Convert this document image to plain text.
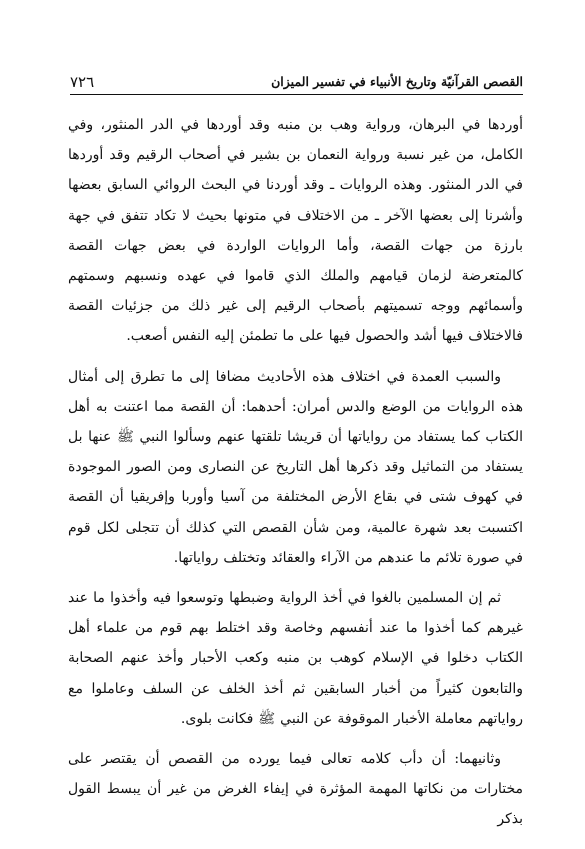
القصص القرآنيّة وتاريخ الأنبياء في تفسير الميزان
٧٢٦

أوردها في البرهان، ورواية وهب بن منبه وقد أوردها في الدر المنثور، وفي الكامل، من غير نسبة ورواية النعمان بن بشير في أصحاب الرقيم وقد أوردها في الدر المنثور. وهذه الروايات ـ وقد أوردنا في البحث الروائي السابق بعضها وأشرنا إلى بعضها الآخر ـ من الاختلاف في متونها بحيث لا تكاد تتفق في جهة بارزة من جهات القصة، وأما الروايات الواردة في بعض جهات القصة كالمتعرضة لزمان قيامهم والملك الذي قاموا في عهده ونسبهم وسمتهم وأسمائهم ووجه تسميتهم بأصحاب الرقيم إلى غير ذلك من جزئيات القصة فالاختلاف فيها أشد والحصول فيها على ما تطمئن إليه النفس أصعب.

والسبب العمدة في اختلاف هذه الأحاديث مضافا إلى ما تطرق إلى أمثال هذه الروايات من الوضع والدس أمران: أحدهما: أن القصة مما اعتنت به أهل الكتاب كما يستفاد من رواياتها أن قريشا تلقتها عنهم وسألوا النبي ﷺ عنها بل يستفاد من التماثيل وقد ذكرها أهل التاريخ عن النصارى ومن الصور الموجودة في كهوف شتى في بقاع الأرض المختلفة من آسيا وأوربا وإفريقيا أن القصة اكتسبت بعد شهرة عالمية، ومن شأن القصص التي كذلك أن تتجلى لكل قوم في صورة تلائم ما عندهم من الآراء والعقائد وتختلف رواياتها.

ثم إن المسلمين بالغوا في أخذ الرواية وضبطها وتوسعوا فيه وأخذوا ما عند غيرهم كما أخذوا ما عند أنفسهم وخاصة وقد اختلط بهم قوم من علماء أهل الكتاب دخلوا في الإسلام كوهب بن منبه وكعب الأحبار وأخذ عنهم الصحابة والتابعون كثيراً من أخبار السابقين ثم أخذ الخلف عن السلف وعاملوا مع رواياتهم معاملة الأخبار الموقوفة عن النبي ﷺ فكانت بلوى.

وثانيهما: أن دأب كلامه تعالى فيما يورده من القصص أن يقتصر على مختارات من نكاتها المهمة المؤثرة في إيفاء الغرض من غير أن يبسط القول بذكر
